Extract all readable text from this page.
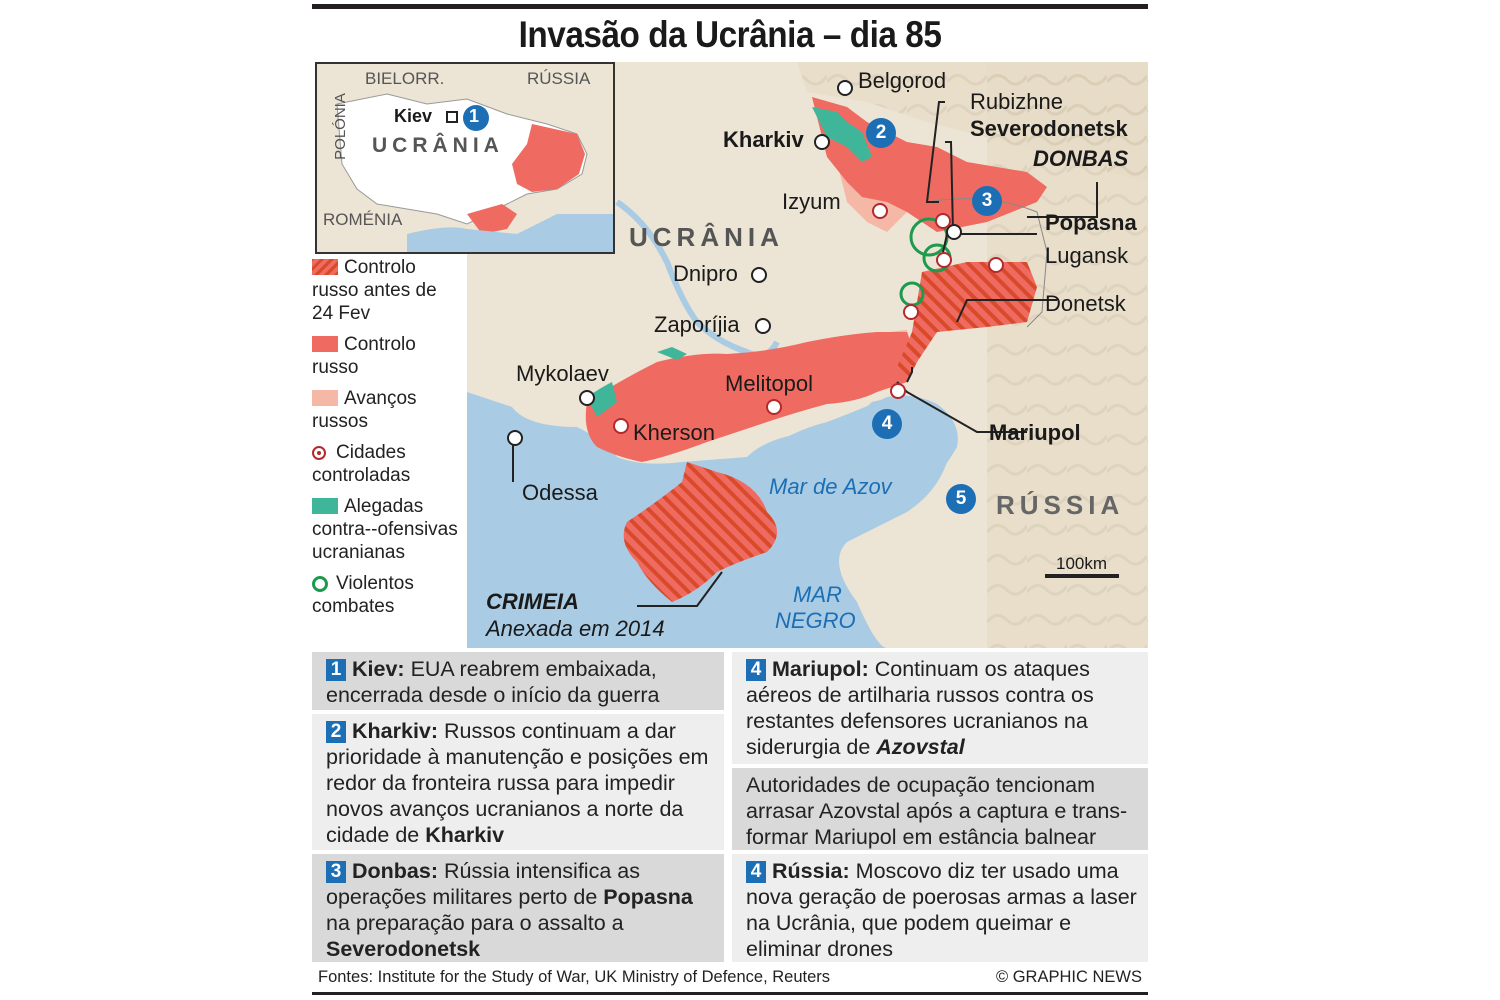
Invasão da Ucrânia – dia 85
2
3
4
5
Belgorod
Kharkiv
Rubizhne
Severodonetsk
DONBAS
Izyum
Popasna
Lugansk
Donetsk
UCRÂNIA
Dnipro
Zaporíjia
Mykolaev	Melitopol
Kherson	Mariupol
Odessa	Mar de Azov
RÚSSIA
100km
MAR
NEGRO
CRIMEIA
Anexada em 2014
BIELORR.	RÚSSIA
POLÓNIA UCRÂNIA
Kiev 1
ROMÉNIA
Controlo russo antes de 24 Fev
Controlo russo
Avanços russos
Cidades controladas
Alegadas contra--ofensivas ucranianas
Violentos combates
1 Kiev: EUA reabrem embaixada, encerrada desde o início da guerra
2 Kharkiv: Russos continuam a dar prioridade à manutenção e posições em redor da fronteira russa para impedir novos avanços ucranianos a norte da cidade de Kharkiv
3 Donbas: Rússia intensifica as operações militares perto de Popasna na preparação para o assalto a Severodonetsk
4 Mariupol: Continuam os ataques aéreos de artilharia russos contra os restantes defensores ucranianos na siderurgia de Azovstal
Autoridades de ocupação tencionam arrasar Azovstal após a captura e trans-formar Mariupol em estância balnear
4 Rússia: Moscovo diz ter usado uma nova geração de poerosas armas a laser na Ucrânia, que podem queimar e eliminar drones
Fontes: Institute for the Study of War, UK Ministry of Defence, Reuters	© GRAPHIC NEWS
